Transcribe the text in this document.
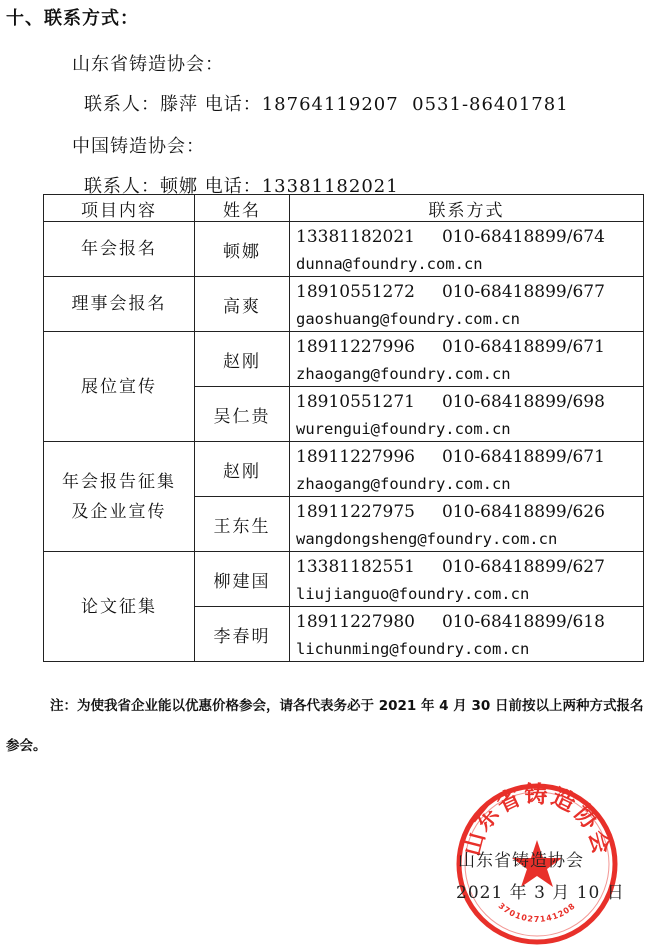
十、联系方式：
山东省铸造协会：
联系人：滕萍 电话：18764119207  0531-86401781
中国铸造协会：
联系人：顿娜 电话：13381182021
项目内容	姓名	联系方式
年会报名	顿娜	13381182021     010-68418899/674
dunna@foundry.com.cn

理事会报名	高爽	18910551272     010-68418899/677
gaoshuang@foundry.com.cn

展位宣传	赵刚	18911227996     010-68418899/671
zhaogang@foundry.com.cn

	吴仁贵	18910551271     010-68418899/698
wurengui@foundry.com.cn

年会报告征集及企业宣传	赵刚	18911227996     010-68418899/671
zhaogang@foundry.com.cn

	王东生	18911227975     010-68418899/626
wangdongsheng@foundry.com.cn

论文征集	柳建国	13381182551     010-68418899/627
liujianguo@foundry.com.cn

	李春明	18911227980     010-68418899/618
lichunming@foundry.com.cn
注：为使我省企业能以优惠价格参会，请各代表务必于 2021 年 4 月 30 日前按以上两种方式报名参会。
山东省铸造协会
3701027141208
山东省铸造协会
2021 年 3 月 10 日
